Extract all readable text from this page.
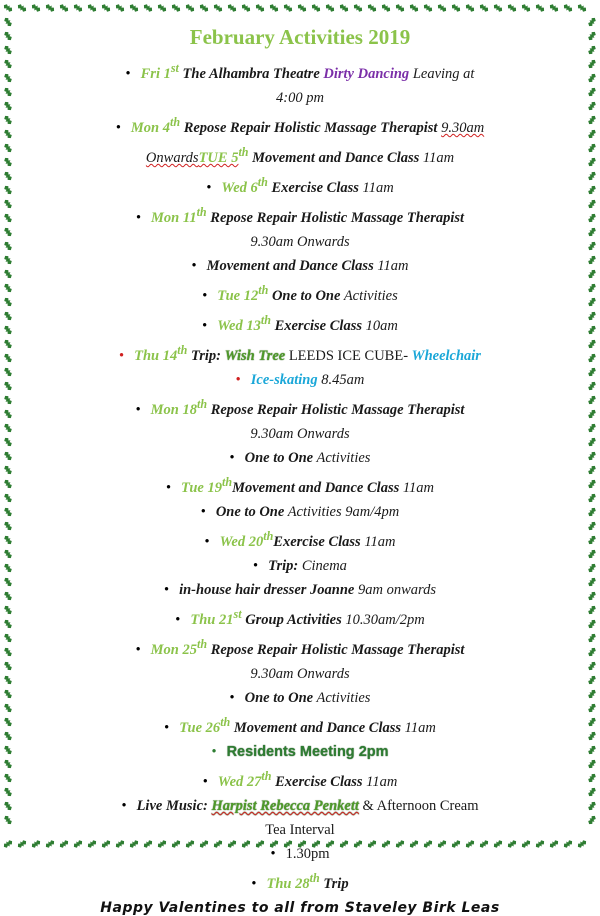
February Activities 2019
• Fri 1st The Alhambra Theatre Dirty Dancing Leaving at
4:00 pm
• Mon 4th Repose Repair Holistic Massage Therapist 9.30am
OnwardsTUE 5th Movement and Dance Class 11am
• Wed 6th Exercise Class 11am
• Mon 11th Repose Repair Holistic Massage Therapist
9.30am Onwards
• Movement and Dance Class 11am
• Tue 12th One to One Activities
• Wed 13th Exercise Class 10am
• Thu 14th Trip: Wish Tree LEEDS ICE CUBE- Wheelchair
• Ice-skating 8.45am
• Mon 18th Repose Repair Holistic Massage Therapist
9.30am Onwards
• One to One Activities
• Tue 19thMovement and Dance Class 11am
• One to One Activities 9am/4pm
• Wed 20thExercise Class 11am
• Trip: Cinema
• in-house hair dresser Joanne 9am onwards
• Thu 21st Group Activities 10.30am/2pm
• Mon 25th Repose Repair Holistic Massage Therapist
9.30am Onwards
• One to One Activities
• Tue 26th Movement and Dance Class 11am
• Residents Meeting 2pm
• Wed 27th Exercise Class 11am
• Live Music: Harpist Rebecca Penkett & Afternoon Cream
Tea Interval
• 1.30pm
• Thu 28th Trip
Happy Valentines to all from Staveley Birk Leas
